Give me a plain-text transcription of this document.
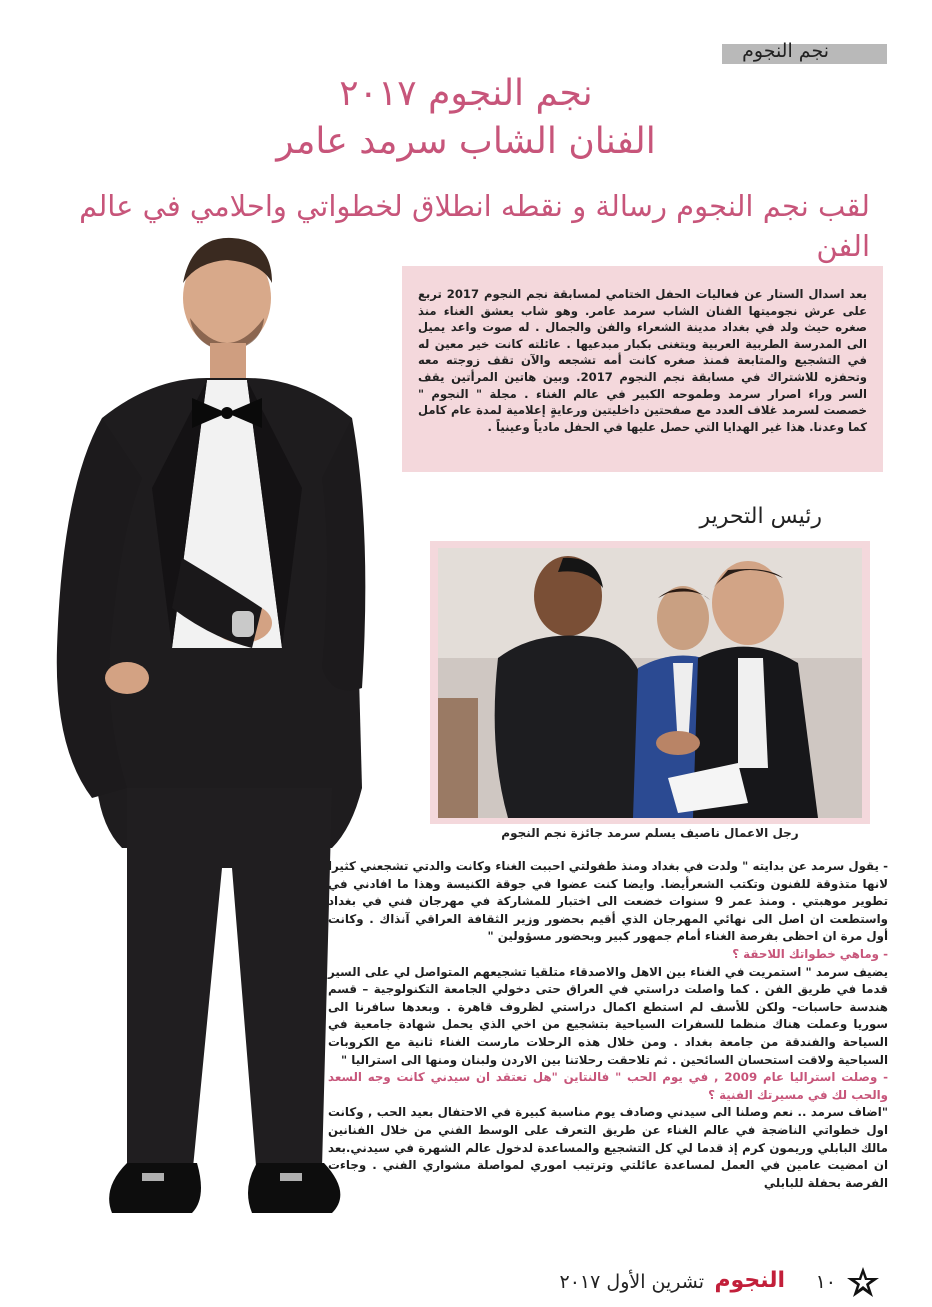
نجم النجوم
نجم النجوم ٢٠١٧
الفنان الشاب سرمد عامر
لقب نجم النجوم رسالة و نقطه انطلاق لخطواتي واحلامي في عالم الفن
بعد اسدال الستار عن فعاليات الحفل الختامي لمسابقة نجم النجوم 2017 تربع على عرش نجوميتها الفنان الشاب سرمد عامر. وهو شاب يعشق الغناء منذ صغره حيث ولد في بغداد مدينة الشعراء والفن والجمال . له صوت واعد يميل الى المدرسة الطربية العربية ويتغنى بكبار مبدعيها . عائلته كانت خير معين له في التشجيع والمتابعة فمنذ صغره كانت أمه تشجعه والآن تقف زوجته معه وتحفزه للاشتراك في مسابقة نجم النجوم 2017. وبين هاتين المرأتين يقف السر وراء اصرار سرمد وطموحه الكبير في عالم الغناء . مجلة " النجوم " خصصت لسرمد غلاف العدد مع صفحتين داخليتين ورعايةٍ إعلامية لمدة عام كامل كما وعدنا. هذا غير الهدايا التي حصل عليها في الحفل مادياً وعينياً .
رئيس التحرير
رجل الاعمال ناصيف يسلم سرمد جائزة نجم النجوم

- يقول سرمد عن بدايته " ولدت في بغداد ومنذ طفولتي احببت الغناء وكانت والدتي تشجعني كثيرا لانها متذوقة للفنون وتكتب الشعرأيضا. وايضا كنت عضوا في جوقة الكنيسة وهذا ما افادني في تطوير موهبتي . ومنذ عمر 9 سنوات خضعت الى اختبار للمشاركة في مهرجان فني في بغداد واستطعت ان اصل الى نهائي المهرجان الذي أقيم بحضور وزير الثقافة العراقي آنذاك . وكانت أول مرة ان احظى بفرصة الغناء أمام جمهور كبير وبحضور مسؤولين "

- وماهي خطواتك اللاحقة ؟

يضيف سرمد " استمريت في الغناء بين الاهل والاصدقاء متلقيا تشجيعهم المتواصل لي على السير قدما في طريق الفن . كما واصلت دراستي في العراق حتى دخولي الجامعة التكنولوجية – قسم هندسة حاسبات- ولكن للأسف لم استطع اكمال دراستي لظروف قاهرة . وبعدها سافرنا الى سوريا وعملت هناك منظما للسفرات السياحية بتشجيع من اخي الذي يحمل شهادة جامعية في السياحة والفندقة من جامعة بغداد . ومن خلال هذه الرحلات مارست الغناء ثانية مع الكروبات السياحية ولاقت استحسان السائحين . ثم تلاحقت رحلاتنا بين الاردن ولبنان ومنها الى استراليا "

- وصلت استراليا عام 2009 , في يوم الحب " فالنتاين "هل تعتقد ان سيدني كانت وجه السعد والحب لك في مسيرتك الفنية ؟

"اضاف سرمد .. نعم وصلنا الى سيدني وصادف يوم مناسبة كبيرة في الاحتفال بعيد الحب , وكانت اول خطواتي الناضجة في عالم الغناء عن طريق التعرف على الوسط الفني من خلال الفنانين مالك البابلي وريمون كرم إذ قدما لي كل التشجيع والمساعدة لدخول عالم الشهرة في سيدني.بعد ان امضيت عامين في العمل لمساعدة عائلتي وترتيب اموري لمواصلة مشواري الفني . وجاءت الفرصة بحفلة للبابلي

تشرين الأول ٢٠١٧ النجوم ١٠
